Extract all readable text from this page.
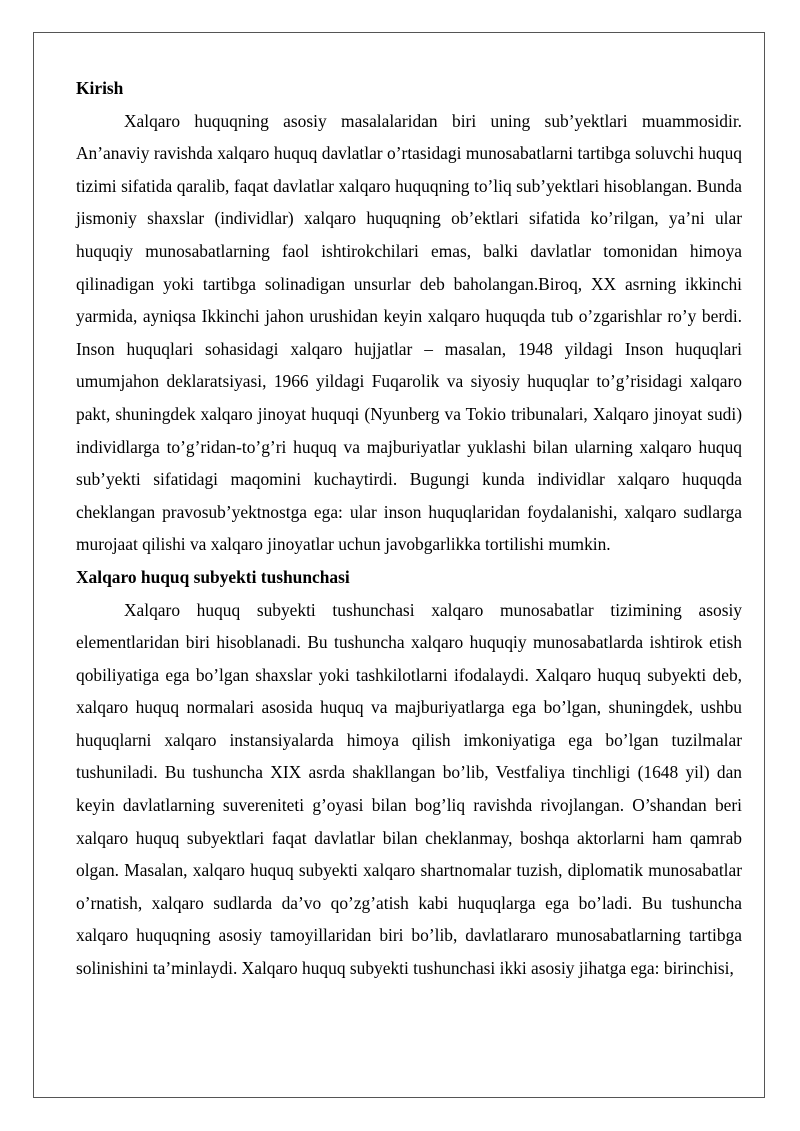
Kirish

Xalqaro huquqning asosiy masalalaridan biri uning sub’yektlari muammosidir. An’anaviy ravishda xalqaro huquq davlatlar o’rtasidagi munosabatlarni tartibga soluvchi huquq tizimi sifatida qaralib, faqat davlatlar xalqaro huquqning to’liq sub’yektlari hisoblangan. Bunda jismoniy shaxslar (individlar) xalqaro huquqning ob’ektlari sifatida ko’rilgan, ya’ni ular huquqiy munosabatlarning faol ishtirokchilari emas, balki davlatlar tomonidan himoya qilinadigan yoki tartibga solinadigan unsurlar deb baholangan.Biroq, XX asrning ikkinchi yarmida, ayniqsa Ikkinchi jahon urushidan keyin xalqaro huquqda tub o’zgarishlar ro’y berdi. Inson huquqlari sohasidagi xalqaro hujjatlar – masalan, 1948 yildagi Inson huquqlari umumjahon deklaratsiyasi, 1966 yildagi Fuqarolik va siyosiy huquqlar to’g’risidagi xalqaro pakt, shuningdek xalqaro jinoyat huquqi (Nyunberg va Tokio tribunalari, Xalqaro jinoyat sudi) individlarga to’g’ridan-to’g’ri huquq va majburiyatlar yuklashi bilan ularning xalqaro huquq sub’yekti sifatidagi maqomini kuchaytirdi. Bugungi kunda individlar xalqaro huquqda cheklangan pravosub’yektnostga ega: ular inson huquqlaridan foydalanishi, xalqaro sudlarga murojaat qilishi va xalqaro jinoyatlar uchun javobgarlikka tortilishi mumkin.

Xalqaro huquq subyekti tushunchasi

Xalqaro huquq subyekti tushunchasi xalqaro munosabatlar tizimining asosiy elementlaridan biri hisoblanadi. Bu tushuncha xalqaro huquqiy munosabatlarda ishtirok etish qobiliyatiga ega bo’lgan shaxslar yoki tashkilotlarni ifodalaydi. Xalqaro huquq subyekti deb, xalqaro huquq normalari asosida huquq va majburiyatlarga ega bo’lgan, shuningdek, ushbu huquqlarni xalqaro instansiyalarda himoya qilish imkoniyatiga ega bo’lgan tuzilmalar tushuniladi. Bu tushuncha XIX asrda shakllangan bo’lib, Vestfaliya tinchligi (1648 yil) dan keyin davlatlarning suvereniteti g’oyasi bilan bog’liq ravishda rivojlangan. O’shandan beri xalqaro huquq subyektlari faqat davlatlar bilan cheklanmay, boshqa aktorlarni ham qamrab olgan. Masalan, xalqaro huquq subyekti xalqaro shartnomalar tuzish, diplomatik munosabatlar o’rnatish, xalqaro sudlarda da’vo qo’zg’atish kabi huquqlarga ega bo’ladi. Bu tushuncha xalqaro huquqning asosiy tamoyillaridan biri bo’lib, davlatlararo munosabatlarning tartibga solinishini ta’minlaydi. Xalqaro huquq subyekti tushunchasi ikki asosiy jihatga ega: birinchisi,
